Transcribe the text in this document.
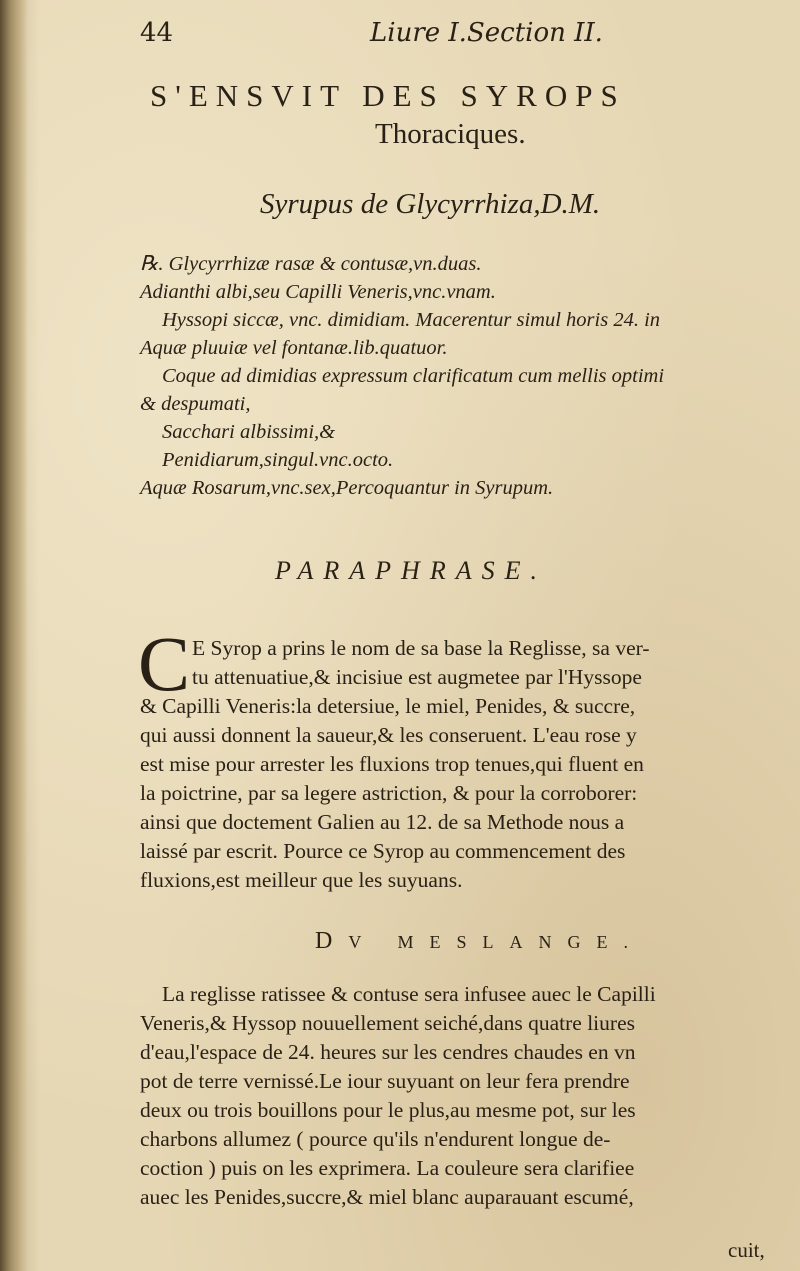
44	Liure I.Section II.
S'ENSVIT DES SYROPS
Thoraciques.
Syrupus de Glycyrrhiza,D.M.
℞. Glycyrrhizæ rasæ & contusæ,vn.duas.
Adianthi albi,seu Capilli Veneris,vnc.vnam.
Hyssopi siccæ, vnc. dimidiam. Macerentur simul horis 24. in
Aquæ pluuiæ vel fontanæ.lib.quatuor.
Coque ad dimidias expressum clarificatum cum mellis optimi
& despumati,
Sacchari albissimi,&
Penidiarum,singul.vnc.octo.
Aquæ Rosarum,vnc.sex,Percoquantur in Syrupum.
PARAPHRASE.
C E Syrop a prins le nom de sa base la Reglisse, sa ver-
tu attenuatiue,& incisiue est augmetee par l'Hyssope
& Capilli Veneris:la detersiue, le miel, Penides, & succre,
qui aussi donnent la saueur,& les conseruent. L'eau rose y
est mise pour arrester les fluxions trop tenues,qui fluent en
la poictrine, par sa legere astriction, & pour la corroborer:
ainsi que doctement Galien au 12. de sa Methode nous a
laissé par escrit. Pource ce Syrop au commencement des
fluxions,est meilleur que les suyuans.
DV MESLANGE.
La reglisse ratissee & contuse sera infusee auec le Capilli
Veneris,& Hyssop nouuellement seiché,dans quatre liures
d'eau,l'espace de 24. heures sur les cendres chaudes en vn
pot de terre vernissé.Le iour suyuant on leur fera prendre
deux ou trois bouillons pour le plus,au mesme pot, sur les
charbons allumez ( pource qu'ils n'endurent longue de-
coction ) puis on les exprimera. La couleure sera clarifiee
auec les Penides,succre,& miel blanc auparauant escumé,
cuit,
